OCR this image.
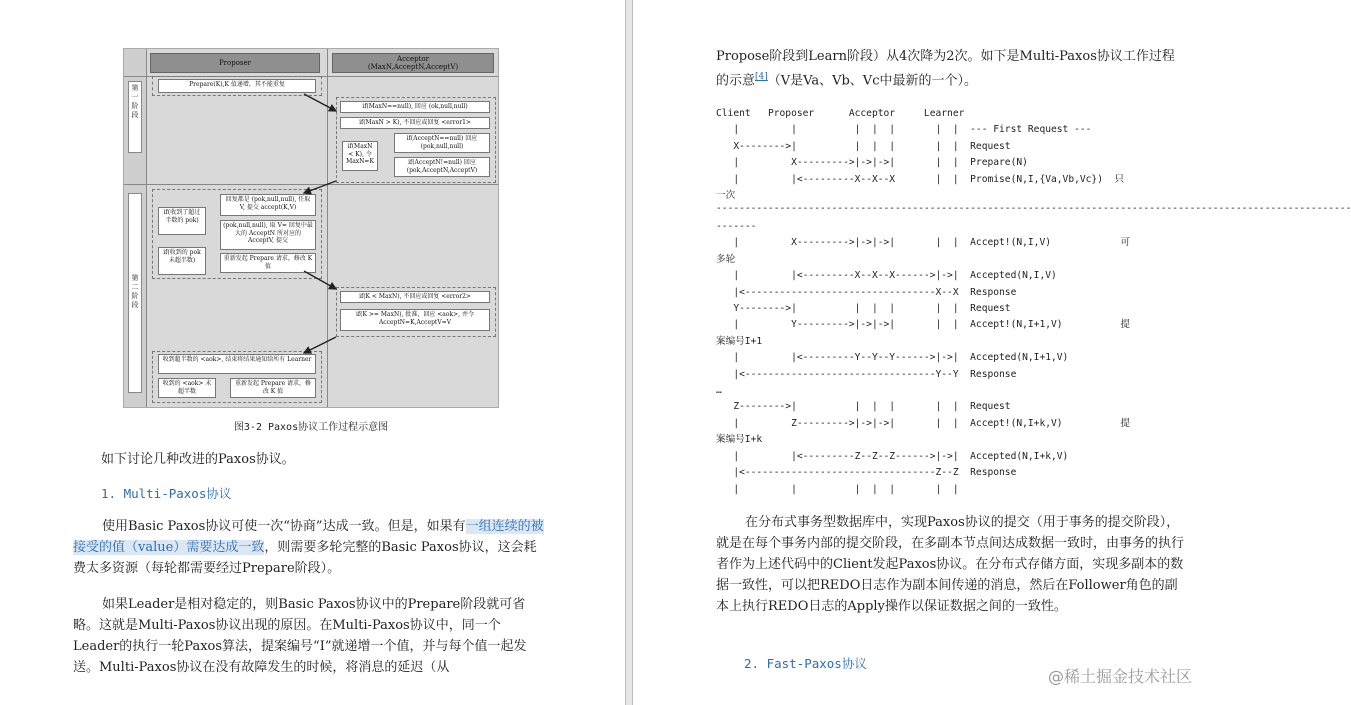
Proposer	Acceptor
(MaxN,AcceptN,AcceptV)
第
一
阶
段
第
二
阶
段
Prepare(K),K 值递增，其不能重复
if(MaxN==null), 回应 (ok,null,null)
if(MaxN > K), 不回应或回复 <error1>
if(MaxN < K), 令 MaxN=K
if(AcceptN==null) 回应 (pok,null,null)
if(AcceptN!=null) 回应 (pok,AcceptN,AcceptV)
if(收到了超过半数的 pok)
回复都是 (pok,null,null), 任取 V, 提交 accept(K,V)
(pok,null,null), 取 V= 回复中最大的 AcceptN 所对应的 AcceptV, 提交
if(收到的 pok 未超半数)	重新发起 Prepare 请求，修改 K 值
if(K < MaxN), 不回应或回复 <error2>
if(K >= MaxN), 批准，回应 <aok>, 并令 AcceptN=K,AcceptV=V
收到超半数的 <aok>, 结束将结果通知给所有 Learner
收到的 <aok> 未超半数
重新发起 Prepare 请求，修改 K 值
图3-2 Paxos协议工作过程示意图

如下讨论几种改进的Paxos协议。

1. Multi-Paxos协议

使用Basic Paxos协议可使一次“协商”达成一致。但是，如果有一组连续的被接受的值（value）需要达成一致，则需要多轮完整的Basic Paxos协议，这会耗费太多资源（每轮都需要经过Prepare阶段）。

如果Leader是相对稳定的，则Basic Paxos协议中的Prepare阶段就可省略。这就是Multi-Paxos协议出现的原因。在Multi-Paxos协议中，同一个Leader的执行一轮Paxos算法，提案编号“I”就递增一个值，并与每个值一起发送。Multi-Paxos协议在没有故障发生的时候，将消息的延迟（从

Propose阶段到Learn阶段）从4次降为2次。如下是Multi-Paxos协议工作过程
的示意[4]（V是Va、Vb、Vc中最新的一个）。

Client   Proposer      Acceptor     Learner
|         |          |  |  |       |  |  --- First Request ---
X-------->|          |  |  |       |  |  Request
|         X--------->|->|->|       |  |  Prepare(N)
|         |<---------X--X--X       |  |  Promise(N,I,{Va,Vb,Vc})  只
一次
--------------------------------------------------------------------------------------------------------------
-------
|         X--------->|->|->|       |  |  Accept!(N,I,V)            可
多轮
|         |<---------X--X--X------>|->|  Accepted(N,I,V)
|<---------------------------------X--X  Response
Y-------->|          |  |  |       |  |  Request
|         Y--------->|->|->|       |  |  Accept!(N,I+1,V)          提
案编号I+1
|         |<---------Y--Y--Y------>|->|  Accepted(N,I+1,V)
|<---------------------------------Y--Y  Response
…
Z-------->|          |  |  |       |  |  Request
|         Z--------->|->|->|       |  |  Accept!(N,I+k,V)          提
案编号I+k
|         |<---------Z--Z--Z------>|->|  Accepted(N,I+k,V)
|<---------------------------------Z--Z  Response
|         |          |  |  |       |  |

在分布式事务型数据库中，实现Paxos协议的提交（用于事务的提交阶段），就是在每个事务内部的提交阶段，在多副本节点间达成数据一致时，由事务的执行者作为上述代码中的Client发起Paxos协议。在分布式存储方面，实现多副本的数据一致性，可以把REDO日志作为副本间传递的消息，然后在Follower角色的副本上执行REDO日志的Apply操作以保证数据之间的一致性。

2. Fast-Paxos协议
@稀土掘金技术社区
